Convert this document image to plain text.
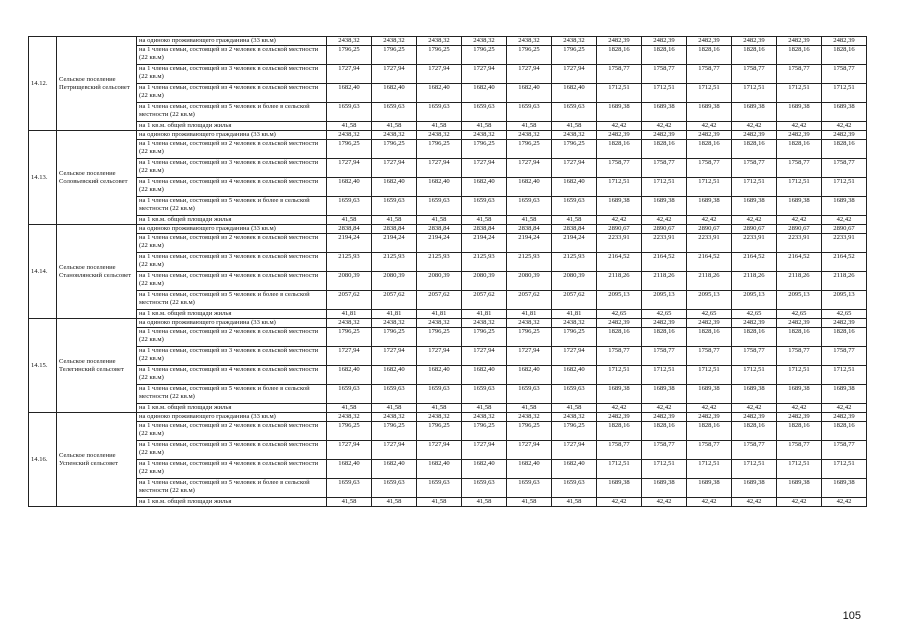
14.12.	Сельское поселение Петрищевский сельсовет	на одиноко проживающего гражданина (33 кв.м)	2438,32	2438,32	2438,32	2438,32	2438,32	2438,32	2482,39	2482,39	2482,39	2482,39	2482,39	2482,39
		на 1 члена семьи, состоящей из 2 человек в сельской местности (22 кв.м)	1796,25	1796,25	1796,25	1796,25	1796,25	1796,25	1828,16	1828,16	1828,16	1828,16	1828,16	1828,16
		на 1 члена семьи, состоящей из 3 человек в сельской местности (22 кв.м)	1727,94	1727,94	1727,94	1727,94	1727,94	1727,94	1758,77	1758,77	1758,77	1758,77	1758,77	1758,77
		на 1 члена семьи, состоящей из 4 человек в сельской местности (22 кв.м)	1682,40	1682,40	1682,40	1682,40	1682,40	1682,40	1712,51	1712,51	1712,51	1712,51	1712,51	1712,51
		на 1 члена семьи, состоящей из 5 человек и более в сельской местности (22 кв.м)	1659,63	1659,63	1659,63	1659,63	1659,63	1659,63	1689,38	1689,38	1689,38	1689,38	1689,38	1689,38
		на 1 кв.м. общей площади жилья	41,58	41,58	41,58	41,58	41,58	41,58	42,42	42,42	42,42	42,42	42,42	42,42
14.13.	Сельское поселение Соловьевский сельсовет	на одиноко проживающего гражданина (33 кв.м)	2438,32	2438,32	2438,32	2438,32	2438,32	2438,32	2482,39	2482,39	2482,39	2482,39	2482,39	2482,39
		на 1 члена семьи, состоящей из 2 человек в сельской местности (22 кв.м)	1796,25	1796,25	1796,25	1796,25	1796,25	1796,25	1828,16	1828,16	1828,16	1828,16	1828,16	1828,16
		на 1 члена семьи, состоящей из 3 человек в сельской местности (22 кв.м)	1727,94	1727,94	1727,94	1727,94	1727,94	1727,94	1758,77	1758,77	1758,77	1758,77	1758,77	1758,77
		на 1 члена семьи, состоящей из 4 человек в сельской местности (22 кв.м)	1682,40	1682,40	1682,40	1682,40	1682,40	1682,40	1712,51	1712,51	1712,51	1712,51	1712,51	1712,51
		на 1 члена семьи, состоящей из 5 человек и более в сельской местности (22 кв.м)	1659,63	1659,63	1659,63	1659,63	1659,63	1659,63	1689,38	1689,38	1689,38	1689,38	1689,38	1689,38
		на 1 кв.м. общей площади жилья	41,58	41,58	41,58	41,58	41,58	41,58	42,42	42,42	42,42	42,42	42,42	42,42
14.14.	Сельское поселение Становлянский сельсовет	на одиноко проживающего гражданина (33 кв.м)	2838,84	2838,84	2838,84	2838,84	2838,84	2838,84	2890,67	2890,67	2890,67	2890,67	2890,67	2890,67
		на 1 члена семьи, состоящей из 2 человек в сельской местности (22 кв.м)	2194,24	2194,24	2194,24	2194,24	2194,24	2194,24	2233,91	2233,91	2233,91	2233,91	2233,91	2233,91
		на 1 члена семьи, состоящей из 3 человек в сельской местности (22 кв.м)	2125,93	2125,93	2125,93	2125,93	2125,93	2125,93	2164,52	2164,52	2164,52	2164,52	2164,52	2164,52
		на 1 члена семьи, состоящей из 4 человек в сельской местности (22 кв.м)	2080,39	2080,39	2080,39	2080,39	2080,39	2080,39	2118,26	2118,26	2118,26	2118,26	2118,26	2118,26
		на 1 члена семьи, состоящей из 5 человек и более в сельской местности (22 кв.м)	2057,62	2057,62	2057,62	2057,62	2057,62	2057,62	2095,13	2095,13	2095,13	2095,13	2095,13	2095,13
		на 1 кв.м. общей площади жилья	41,81	41,81	41,81	41,81	41,81	41,81	42,65	42,65	42,65	42,65	42,65	42,65
14.15.	Сельское поселение Телегинский сельсовет	на одиноко проживающего гражданина (33 кв.м)	2438,32	2438,32	2438,32	2438,32	2438,32	2438,32	2482,39	2482,39	2482,39	2482,39	2482,39	2482,39
		на 1 члена семьи, состоящей из 2 человек в сельской местности (22 кв.м)	1796,25	1796,25	1796,25	1796,25	1796,25	1796,25	1828,16	1828,16	1828,16	1828,16	1828,16	1828,16
		на 1 члена семьи, состоящей из 3 человек в сельской местности (22 кв.м)	1727,94	1727,94	1727,94	1727,94	1727,94	1727,94	1758,77	1758,77	1758,77	1758,77	1758,77	1758,77
		на 1 члена семьи, состоящей из 4 человек в сельской местности (22 кв.м)	1682,40	1682,40	1682,40	1682,40	1682,40	1682,40	1712,51	1712,51	1712,51	1712,51	1712,51	1712,51
		на 1 члена семьи, состоящей из 5 человек и более в сельской местности (22 кв.м)	1659,63	1659,63	1659,63	1659,63	1659,63	1659,63	1689,38	1689,38	1689,38	1689,38	1689,38	1689,38
		на 1 кв.м. общей площади жилья	41,58	41,58	41,58	41,58	41,58	41,58	42,42	42,42	42,42	42,42	42,42	42,42
14.16.	Сельское поселение Успенский сельсовет	на одиноко проживающего гражданина (33 кв.м)	2438,32	2438,32	2438,32	2438,32	2438,32	2438,32	2482,39	2482,39	2482,39	2482,39	2482,39	2482,39
		на 1 члена семьи, состоящей из 2 человек в сельской местности (22 кв.м)	1796,25	1796,25	1796,25	1796,25	1796,25	1796,25	1828,16	1828,16	1828,16	1828,16	1828,16	1828,16
		на 1 члена семьи, состоящей из 3 человек в сельской местности (22 кв.м)	1727,94	1727,94	1727,94	1727,94	1727,94	1727,94	1758,77	1758,77	1758,77	1758,77	1758,77	1758,77
		на 1 члена семьи, состоящей из 4 человек в сельской местности (22 кв.м)	1682,40	1682,40	1682,40	1682,40	1682,40	1682,40	1712,51	1712,51	1712,51	1712,51	1712,51	1712,51
		на 1 члена семьи, состоящей из 5 человек и более в сельской местности (22 кв.м)	1659,63	1659,63	1659,63	1659,63	1659,63	1659,63	1689,38	1689,38	1689,38	1689,38	1689,38	1689,38
		на 1 кв.м. общей площади жилья	41,58	41,58	41,58	41,58	41,58	41,58	42,42	42,42	42,42	42,42	42,42	42,42
105
